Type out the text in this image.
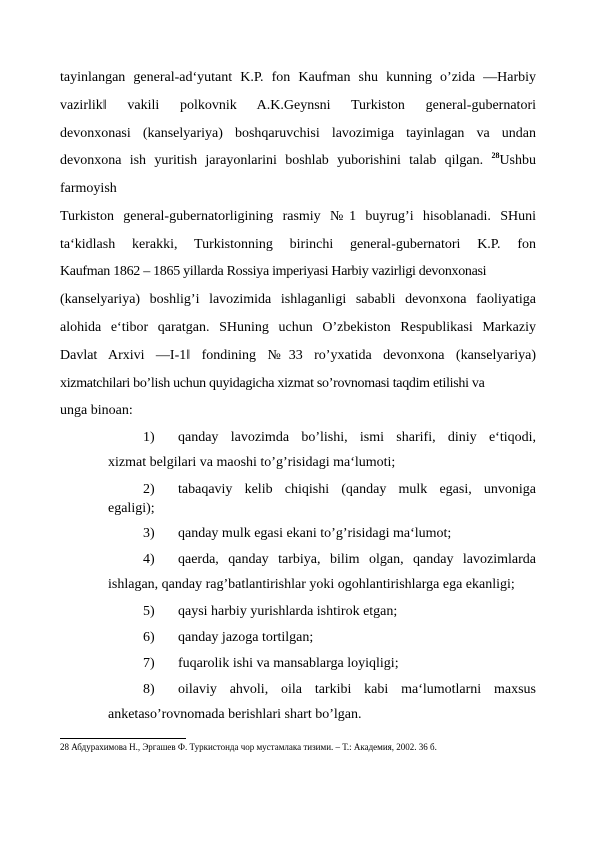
tayinlangan general-ad‘yutant K.P. fon Kaufman shu kunning o’zida ―Harbiy
vazirlik‖ vakili polkovnik A.K.Geynsni Turkiston general-gubernatori
devonxonasi (kanselyariya) boshqaruvchisi lavozimiga tayinlagan va undan
devonxona ish yuritish jarayonlarini boshlab yuborishini talab qilgan. $^{28}$Ushbu
farmoyish
Turkiston general-gubernatorligining rasmiy №1 buyrug’i hisoblanadi. SHuni
ta‘kidlash kerakki, Turkistonning birinchi general-gubernatori K.P. fon
Kaufman 1862 – 1865 yillarda Rossiya imperiyasi Harbiy vazirligi devonxonasi
(kanselyariya) boshlig’i lavozimida ishlaganligi sababli devonxona faoliyatiga
alohida e‘tibor qaratgan. SHuning uchun O’zbekiston Respublikasi Markaziy
Davlat Arxivi ―I-1‖ fondining №33 ro’yxatida devonxona (kanselyariya)
xizmatchilari bo’lish uchun quyidagicha xizmat so’rovnomasi taqdim etilishi va
unga binoan:
1) qanday lavozimda bo’lishi, ismi sharifi, diniy e‘tiqodi,
xizmat belgilari va maoshi to’g’risidagi ma‘lumoti;
2) tabaqaviy kelib chiqishi (qanday mulk egasi, unvoniga
egaligi);
3) qanday mulk egasi ekani to’g’risidagi ma‘lumot;
4) qaerda, qanday tarbiya, bilim olgan, qanday lavozimlarda
ishlagan, qanday rag’batlantirishlar yoki ogohlantirishlarga ega ekanligi;
5) qaysi harbiy yurishlarda ishtirok etgan;
6) qanday jazoga tortilgan;
7) fuqarolik ishi va mansablarga loyiqligi;
8) oilaviy ahvoli, oila tarkibi kabi ma‘lumotlarni maxsus
anketaso’rovnomada berishlari shart bo’lgan.
28 Абдурахимова Н., Эргашев Ф. Туркистонда чор мустамлака тизими. – Т.: Академия, 2002. 36 б.
